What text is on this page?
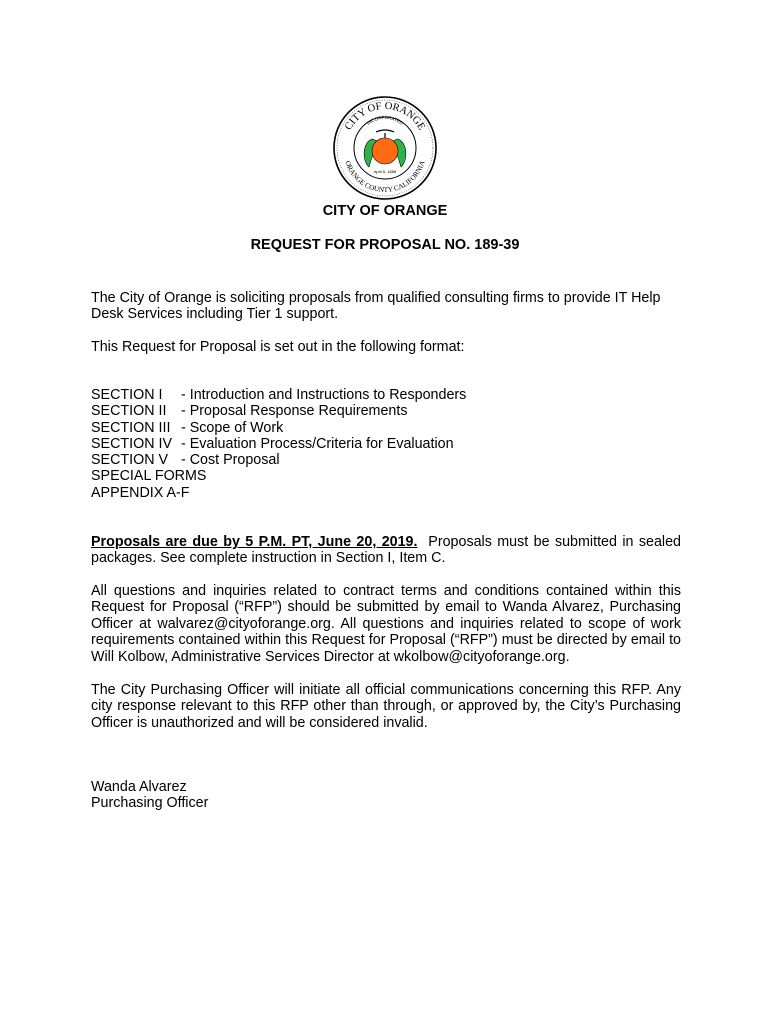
CITY OF ORANGE
ORANGE COUNTY CALIFORNIA
INCORPORATED
April 6, 1888
CITY OF ORANGE
REQUEST FOR PROPOSAL NO. 189-39

The City of Orange is soliciting proposals from qualified consulting firms to provide IT Help Desk Services including Tier 1 support.

This Request for Proposal is set out in the following format:

SECTION I	- Introduction and Instructions to Responders
SECTION II	- Proposal Response Requirements
SECTION III - Scope of Work
SECTION IV - Evaluation Process/Criteria for Evaluation
SECTION V - Cost Proposal
SPECIAL FORMS
APPENDIX A-F

Proposals are due by 5 P.M. PT, June 20, 2019. Proposals must be submitted in sealed packages. See complete instruction in Section I, Item C.

All questions and inquiries related to contract terms and conditions contained within this Request for Proposal (“RFP”) should be submitted by email to Wanda Alvarez, Purchasing Officer at walvarez@cityoforange.org. All questions and inquiries related to scope of work requirements contained within this Request for Proposal (“RFP”) must be directed by email to Will Kolbow, Administrative Services Director at wkolbow@cityoforange.org.

The City Purchasing Officer will initiate all official communications concerning this RFP. Any city response relevant to this RFP other than through, or approved by, the City’s Purchasing Officer is unauthorized and will be considered invalid.

Wanda Alvarez
Purchasing Officer
